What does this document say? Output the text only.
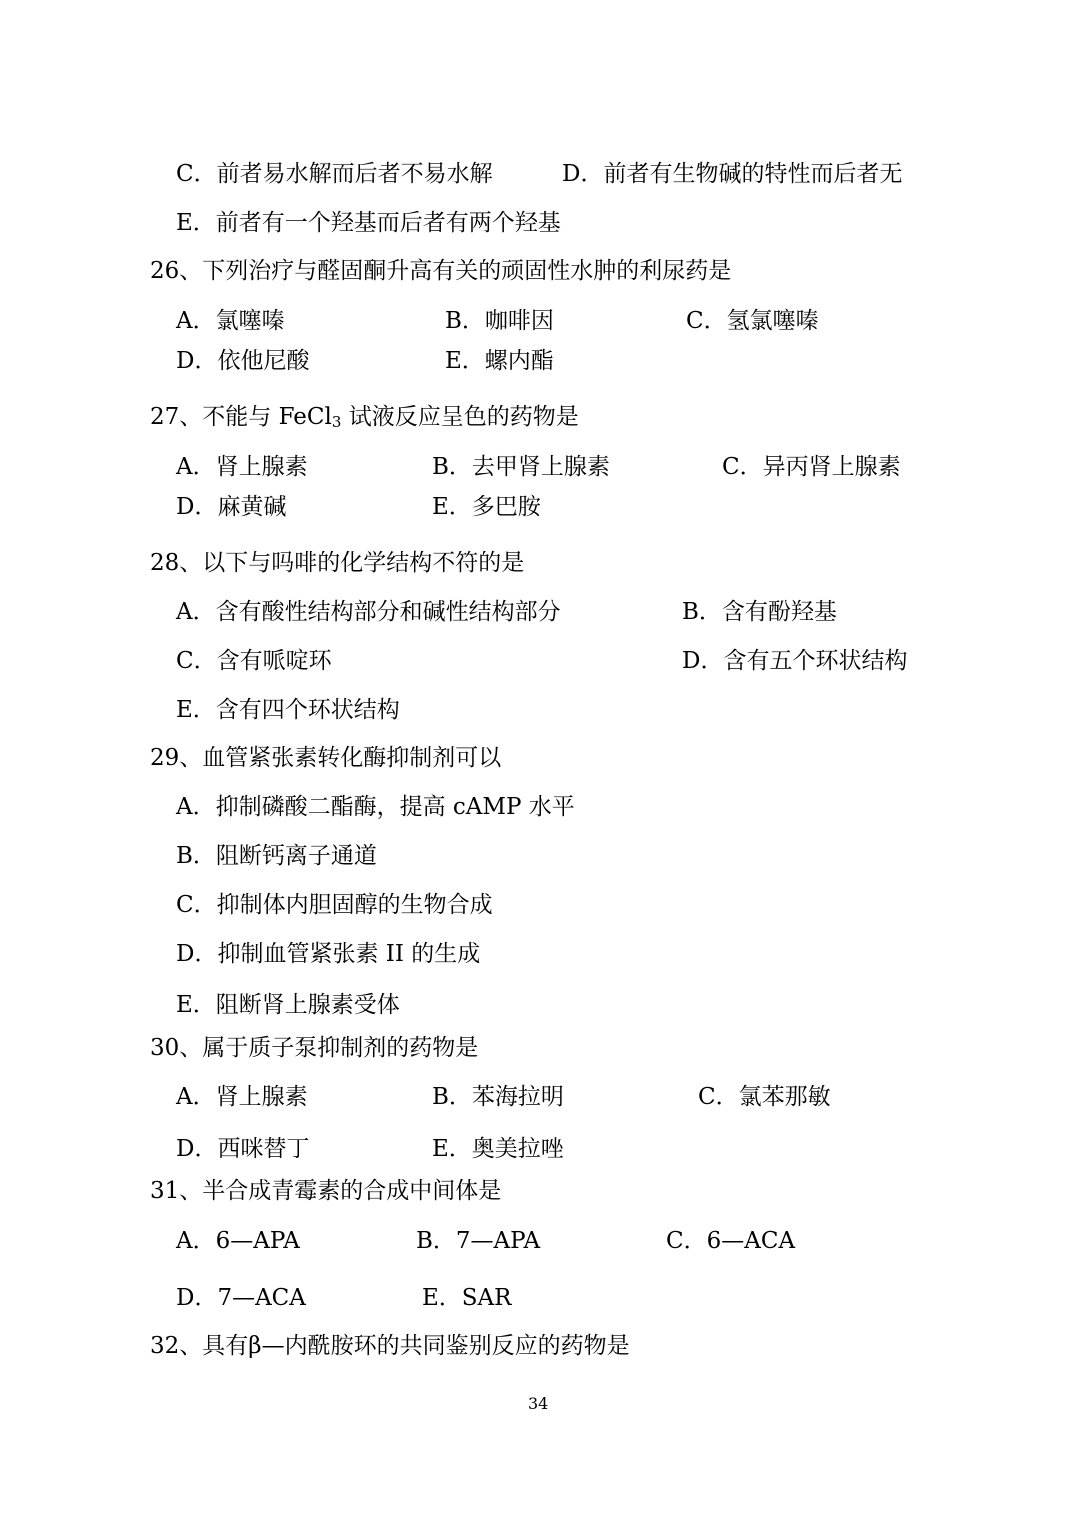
C．前者易水解而后者不易水解	D．前者有生物碱的特性而后者无
E．前者有一个羟基而后者有两个羟基
26、下列治疗与醛固酮升高有关的顽固性水肿的利尿药是
A．氯噻嗪	B．咖啡因	C．氢氯噻嗪
D．依他尼酸	E．螺内酯
27、不能与 FeCl$_3$ 试液反应呈色的药物是
A．肾上腺素	B．去甲肾上腺素	C．异丙肾上腺素
D．麻黄碱	E．多巴胺
28、以下与吗啡的化学结构不符的是
A．含有酸性结构部分和碱性结构部分	B．含有酚羟基
C．含有哌啶环	D．含有五个环状结构
E．含有四个环状结构
29、血管紧张素转化酶抑制剂可以
A．抑制磷酸二酯酶，提高 cAMP 水平
B．阻断钙离子通道
C．抑制体内胆固醇的生物合成
D．抑制血管紧张素 II 的生成
E．阻断肾上腺素受体
30、属于质子泵抑制剂的药物是
A．肾上腺素	B．苯海拉明	C．氯苯那敏
D．西咪替丁	E．奥美拉唑
31、半合成青霉素的合成中间体是
A．6—APA	B．7—APA	C．6—ACA
D．7—ACA	E．SAR
32、具有β—内酰胺环的共同鉴别反应的药物是
34
